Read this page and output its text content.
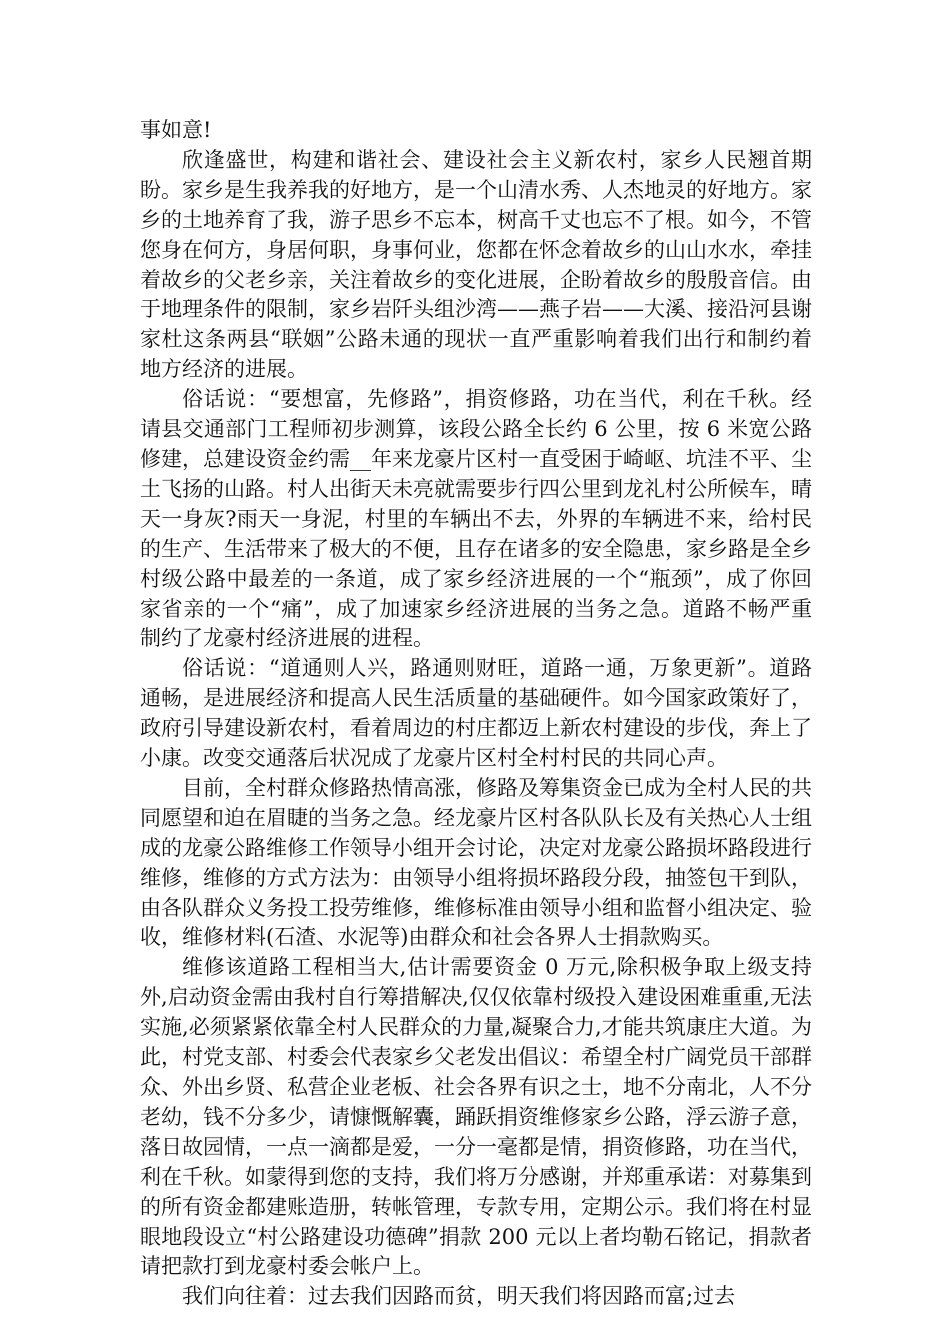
事如意!

欣逢盛世，构建和谐社会、建设社会主义新农村，家乡人民翘首期盼。家乡是生我养我的好地方，是一个山清水秀、人杰地灵的好地方。家乡的土地养育了我，游子思乡不忘本，树高千丈也忘不了根。如今，不管您身在何方，身居何职，身事何业，您都在怀念着故乡的山山水水，牵挂着故乡的父老乡亲，关注着故乡的变化进展，企盼着故乡的殷殷音信。由于地理条件的限制，家乡岩阡头组沙湾——燕子岩——大溪、接沿河县谢家杜这条两县“联姻”公路未通的现状一直严重影响着我们出行和制约着地方经济的进展。

俗话说：“要想富，先修路”，捐资修路，功在当代，利在千秋。经请县交通部门工程师初步测算，该段公路全长约 6 公里，按 6 米宽公路修建，总建设资金约需__年来龙豪片区村一直受困于崎岖、坑洼不平、尘土飞扬的山路。村人出街天未亮就需要步行四公里到龙礼村公所候车，晴天一身灰?雨天一身泥，村里的车辆出不去，外界的车辆进不来，给村民的生产、生活带来了极大的不便，且存在诸多的安全隐患，家乡路是全乡村级公路中最差的一条道，成了家乡经济进展的一个“瓶颈”，成了你回家省亲的一个“痛”，成了加速家乡经济进展的当务之急。道路不畅严重制约了龙豪村经济进展的进程。

俗话说：“道通则人兴，路通则财旺，道路一通，万象更新”。道路通畅，是进展经济和提高人民生活质量的基础硬件。如今国家政策好了，政府引导建设新农村，看着周边的村庄都迈上新农村建设的步伐，奔上了小康。改变交通落后状况成了龙豪片区村全村村民的共同心声。

目前，全村群众修路热情高涨，修路及筹集资金已成为全村人民的共同愿望和迫在眉睫的当务之急。经龙豪片区村各队队长及有关热心人士组成的龙豪公路维修工作领导小组开会讨论，决定对龙豪公路损坏路段进行维修，维修的方式方法为：由领导小组将损坏路段分段，抽签包干到队，由各队群众义务投工投劳维修，维修标准由领导小组和监督小组决定、验收，维修材料(石渣、水泥等)由群众和社会各界人士捐款购买。

维修该道路工程相当大,估计需要资金 0 万元,除积极争取上级支持外,启动资金需由我村自行筹措解决,仅仅依靠村级投入建设困难重重,无法实施,必须紧紧依靠全村人民群众的力量,凝聚合力,才能共筑康庄大道。为此，村党支部、村委会代表家乡父老发出倡议：希望全村广阔党员干部群众、外出乡贤、私营企业老板、社会各界有识之士，地不分南北，人不分老幼，钱不分多少，请慷慨解囊，踊跃捐资维修家乡公路，浮云游子意，落日故园情，一点一滴都是爱，一分一毫都是情，捐资修路，功在当代，利在千秋。如蒙得到您的支持，我们将万分感谢，并郑重承诺：对募集到的所有资金都建账造册，转帐管理，专款专用，定期公示。我们将在村显眼地段设立“村公路建设功德碑”捐款 200 元以上者均勒石铭记，捐款者请把款打到龙豪村委会帐户上。

我们向往着：过去我们因路而贫，明天我们将因路而富;过去
